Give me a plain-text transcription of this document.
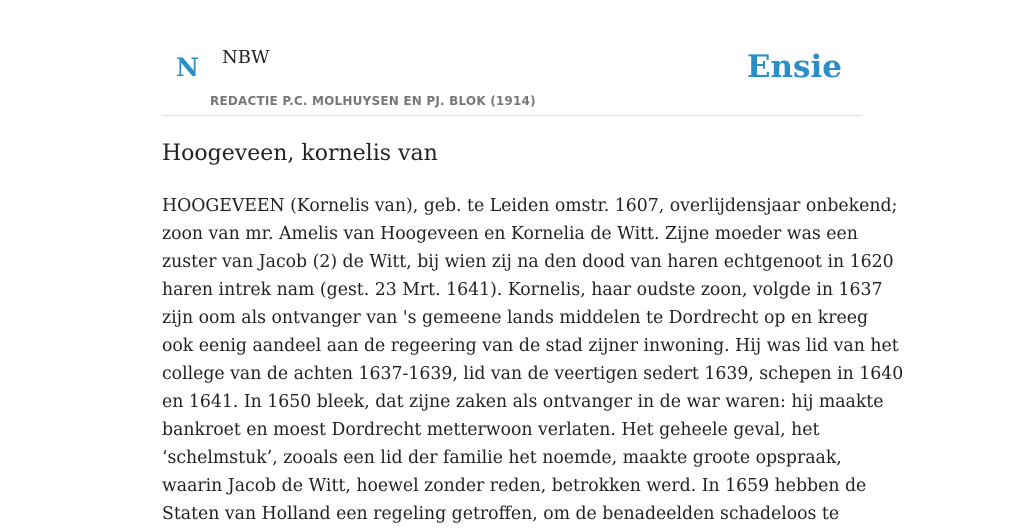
N NBW
REDACTIE P.C. MOLHUYSEN EN PJ. BLOK (1914)
Ensie
Hoogeveen, kornelis van

HOOGEVEEN (Kornelis van), geb. te Leiden omstr. 1607, overlijdensjaar onbekend;
zoon van mr. Amelis van Hoogeveen en Kornelia de Witt. Zijne moeder was een
zuster van Jacob (2) de Witt, bij wien zij na den dood van haren echtgenoot in 1620
haren intrek nam (gest. 23 Mrt. 1641). Kornelis, haar oudste zoon, volgde in 1637
zijn oom als ontvanger van 's gemeene lands middelen te Dordrecht op en kreeg
ook eenig aandeel aan de regeering van de stad zijner inwoning. Hij was lid van het
college van de achten 1637-1639, lid van de veertigen sedert 1639, schepen in 1640
en 1641. In 1650 bleek, dat zijne zaken als ontvanger in de war waren: hij maakte
bankroet en moest Dordrecht metterwoon verlaten. Het geheele geval, het
‘schelmstuk’, zooals een lid der familie het noemde, maakte groote opspraak,
waarin Jacob de Witt, hoewel zonder reden, betrokken werd. In 1659 hebben de
Staten van Holland een regeling getroffen, om de benadeelden schadeloos te
